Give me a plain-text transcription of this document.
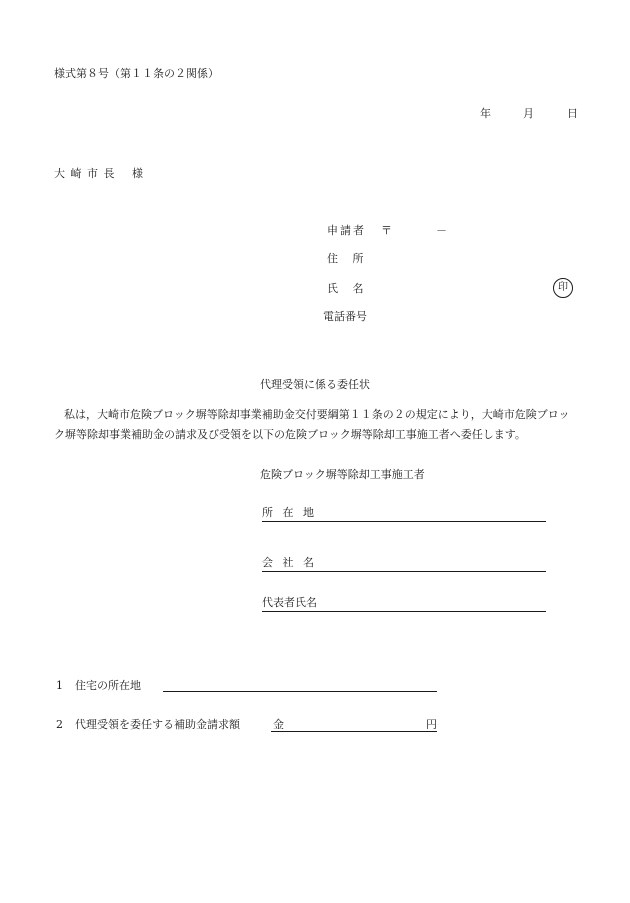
様式第８号（第１１条の２関係）
年	月	日
大 崎 市 長　 様
申請者 〒	－
住　 所
氏　 名	印
電話番号
代理受領に係る委任状
私は，大崎市危険ブロック塀等除却事業補助金交付要綱第１１条の２の規定により，大崎市危険ブロック塀等除却事業補助金の請求及び受領を以下の危険ブロック塀等除却工事施工者へ委任します。
危険ブロック塀等除却工事施工者
所 在 地
会 社 名
代表者氏名
1 住宅の所在地
2 代理受領を委任する補助金請求額	金	円
